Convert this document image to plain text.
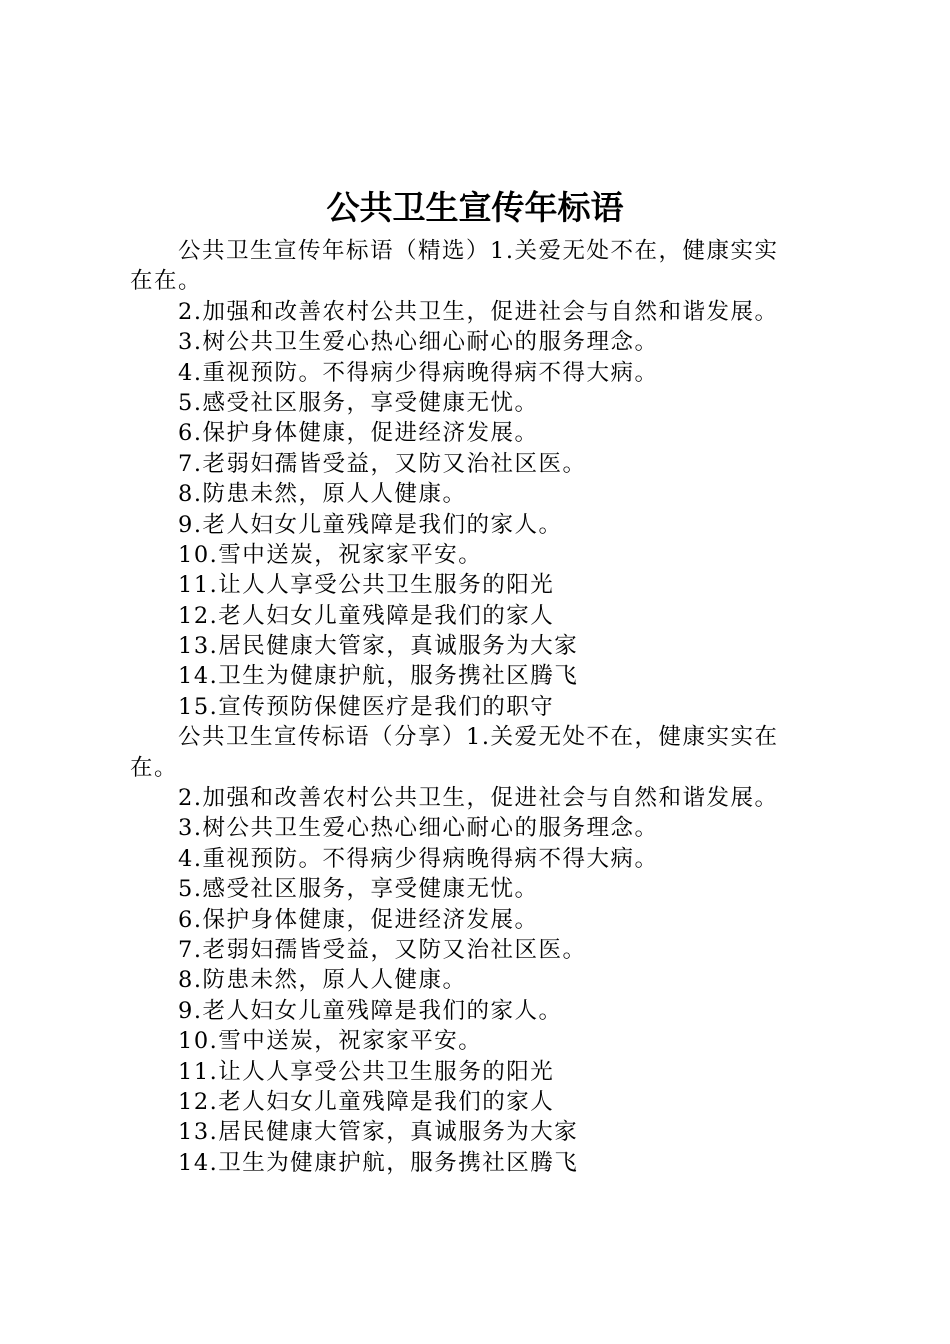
公共卫生宣传年标语
公共卫生宣传年标语（精选）1.关爱无处不在，健康实实
在在。
2.加强和改善农村公共卫生，促进社会与自然和谐发展。
3.树公共卫生爱心热心细心耐心的服务理念。
4.重视预防。不得病少得病晚得病不得大病。
5.感受社区服务，享受健康无忧。
6.保护身体健康，促进经济发展。
7.老弱妇孺皆受益，又防又治社区医。
8.防患未然，原人人健康。
9.老人妇女儿童残障是我们的家人。
10.雪中送炭，祝家家平安。
11.让人人享受公共卫生服务的阳光
12.老人妇女儿童残障是我们的家人
13.居民健康大管家，真诚服务为大家
14.卫生为健康护航，服务携社区腾飞
15.宣传预防保健医疗是我们的职守
公共卫生宣传标语（分享）1.关爱无处不在，健康实实在
在。
2.加强和改善农村公共卫生，促进社会与自然和谐发展。
3.树公共卫生爱心热心细心耐心的服务理念。
4.重视预防。不得病少得病晚得病不得大病。
5.感受社区服务，享受健康无忧。
6.保护身体健康，促进经济发展。
7.老弱妇孺皆受益，又防又治社区医。
8.防患未然，原人人健康。
9.老人妇女儿童残障是我们的家人。
10.雪中送炭，祝家家平安。
11.让人人享受公共卫生服务的阳光
12.老人妇女儿童残障是我们的家人
13.居民健康大管家，真诚服务为大家
14.卫生为健康护航，服务携社区腾飞
